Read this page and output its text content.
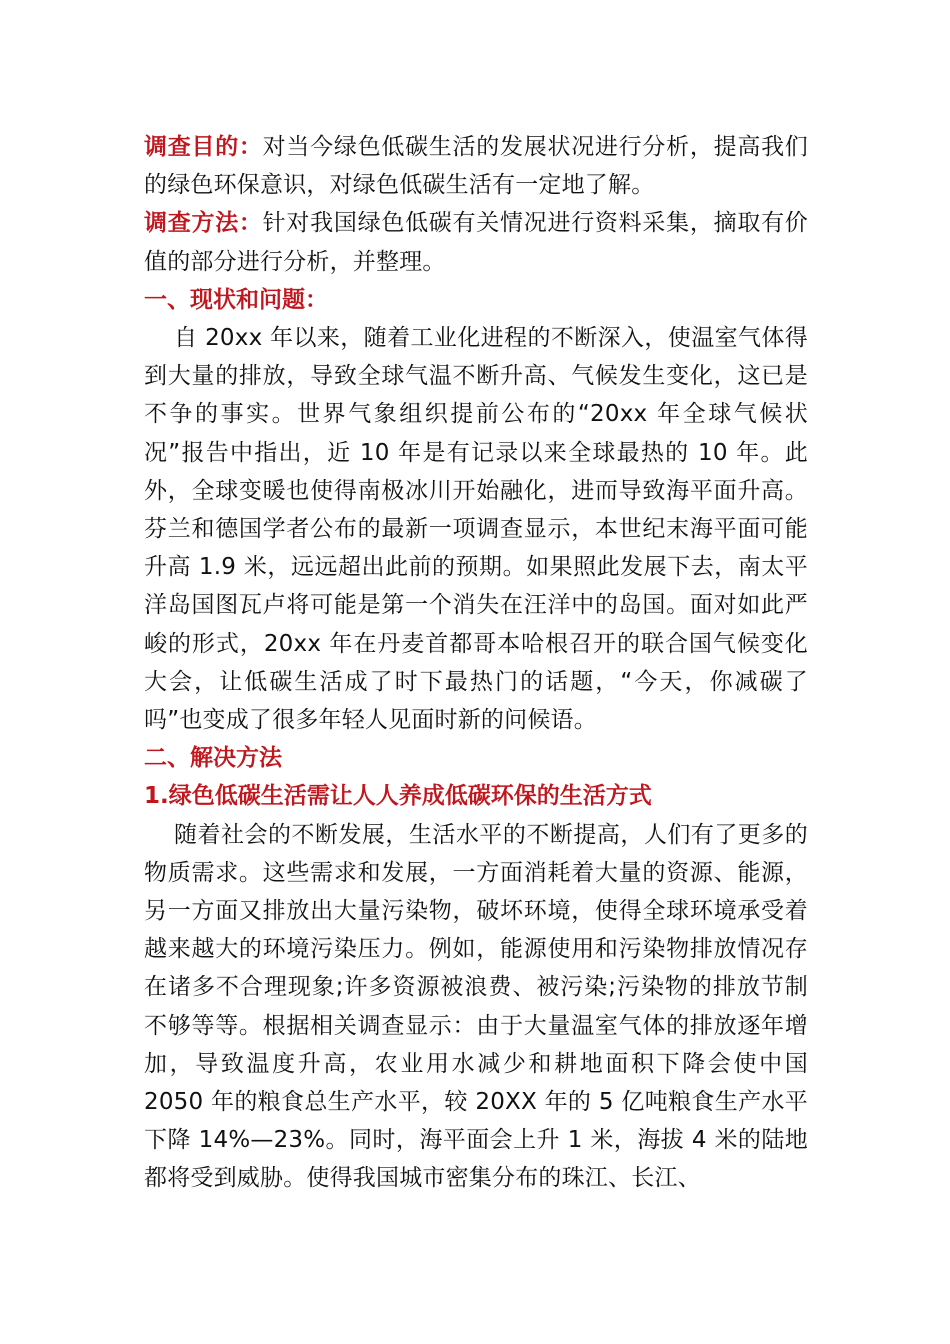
调查目的：对当今绿色低碳生活的发展状况进行分析，提高我们的绿色环保意识，对绿色低碳生活有一定地了解。

调查方法：针对我国绿色低碳有关情况进行资料采集，摘取有价值的部分进行分析，并整理。

一、现状和问题：

自 20xx 年以来，随着工业化进程的不断深入，使温室气体得到大量的排放，导致全球气温不断升高、气候发生变化，这已是不争的事实。世界气象组织提前公布的“20xx 年全球气候状况”报告中指出，近 10 年是有记录以来全球最热的 10 年。此外，全球变暖也使得南极冰川开始融化，进而导致海平面升高。芬兰和德国学者公布的最新一项调查显示，本世纪末海平面可能升高 1.9 米，远远超出此前的预期。如果照此发展下去，南太平洋岛国图瓦卢将可能是第一个消失在汪洋中的岛国。面对如此严峻的形式，20xx 年在丹麦首都哥本哈根召开的联合国气候变化大会，让低碳生活成了时下最热门的话题，“今天，你减碳了吗”也变成了很多年轻人见面时新的问候语。

二、解决方法

1.绿色低碳生活需让人人养成低碳环保的生活方式

随着社会的不断发展，生活水平的不断提高，人们有了更多的物质需求。这些需求和发展，一方面消耗着大量的资源、能源，另一方面又排放出大量污染物，破坏环境，使得全球环境承受着越来越大的环境污染压力。例如，能源使用和污染物排放情况存在诸多不合理现象;许多资源被浪费、被污染;污染物的排放节制不够等等。根据相关调查显示：由于大量温室气体的排放逐年增加，导致温度升高，农业用水减少和耕地面积下降会使中国 2050 年的粮食总生产水平，较 20XX 年的 5 亿吨粮食生产水平下降 14%—23%。同时，海平面会上升 1 米，海拔 4 米的陆地都将受到威胁。使得我国城市密集分布的珠江、长江、
